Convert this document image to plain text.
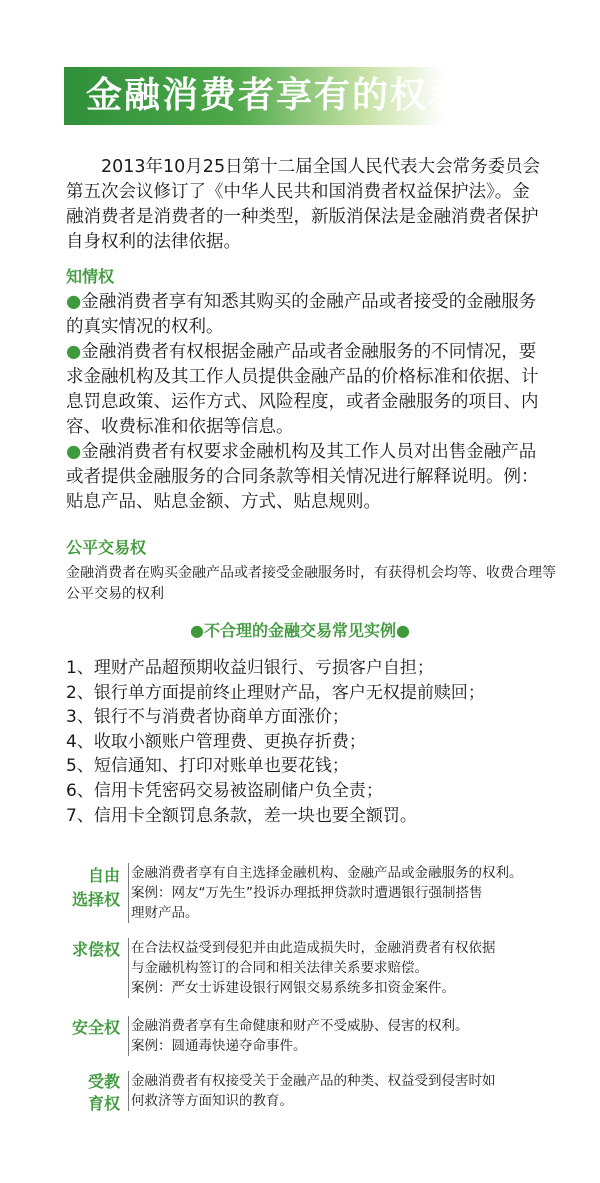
金融消费者享有的权利

2013年10月25日第十二届全国人民代表大会常务委员会第五次会议修订了《中华人民共和国消费者权益保护法》。金融消费者是消费者的一种类型，新版消保法是金融消费者保护自身权利的法律依据。

知情权

●金融消费者享有知悉其购买的金融产品或者接受的金融服务的真实情况的权利。

●金融消费者有权根据金融产品或者金融服务的不同情况，要求金融机构及其工作人员提供金融产品的价格标准和依据、计息罚息政策、运作方式、风险程度，或者金融服务的项目、内容、收费标准和依据等信息。

●金融消费者有权要求金融机构及其工作人员对出售金融产品或者提供金融服务的合同条款等相关情况进行解释说明。例：贴息产品、贴息金额、方式、贴息规则。

公平交易权

金融消费者在购买金融产品或者接受金融服务时，有获得机会均等、收费合理等公平交易的权利

●不合理的金融交易常见实例●
1、理财产品超预期收益归银行、亏损客户自担；
2、银行单方面提前终止理财产品，客户无权提前赎回；
3、银行不与消费者协商单方面涨价；
4、收取小额账户管理费、更换存折费；
5、短信通知、打印对账单也要花钱；
6、信用卡凭密码交易被盗刷储户负全责；
7、信用卡全额罚息条款，差一块也要全额罚。
自由
选择权
金融消费者享有自主选择金融机构、金融产品或金融服务的权利。
案例：网友“万先生”投诉办理抵押贷款时遭遇银行强制搭售
理财产品。
求偿权 在合法权益受到侵犯并由此造成损失时，金融消费者有权依据
与金融机构签订的合同和相关法律关系要求赔偿。
案例：严女士诉建设银行网银交易系统多扣资金案件。
安全权 金融消费者享有生命健康和财产不受威胁、侵害的权利。
案例：圆通毒快递夺命事件。
受教
育权
金融消费者有权接受关于金融产品的种类、权益受到侵害时如
何救济等方面知识的教育。
